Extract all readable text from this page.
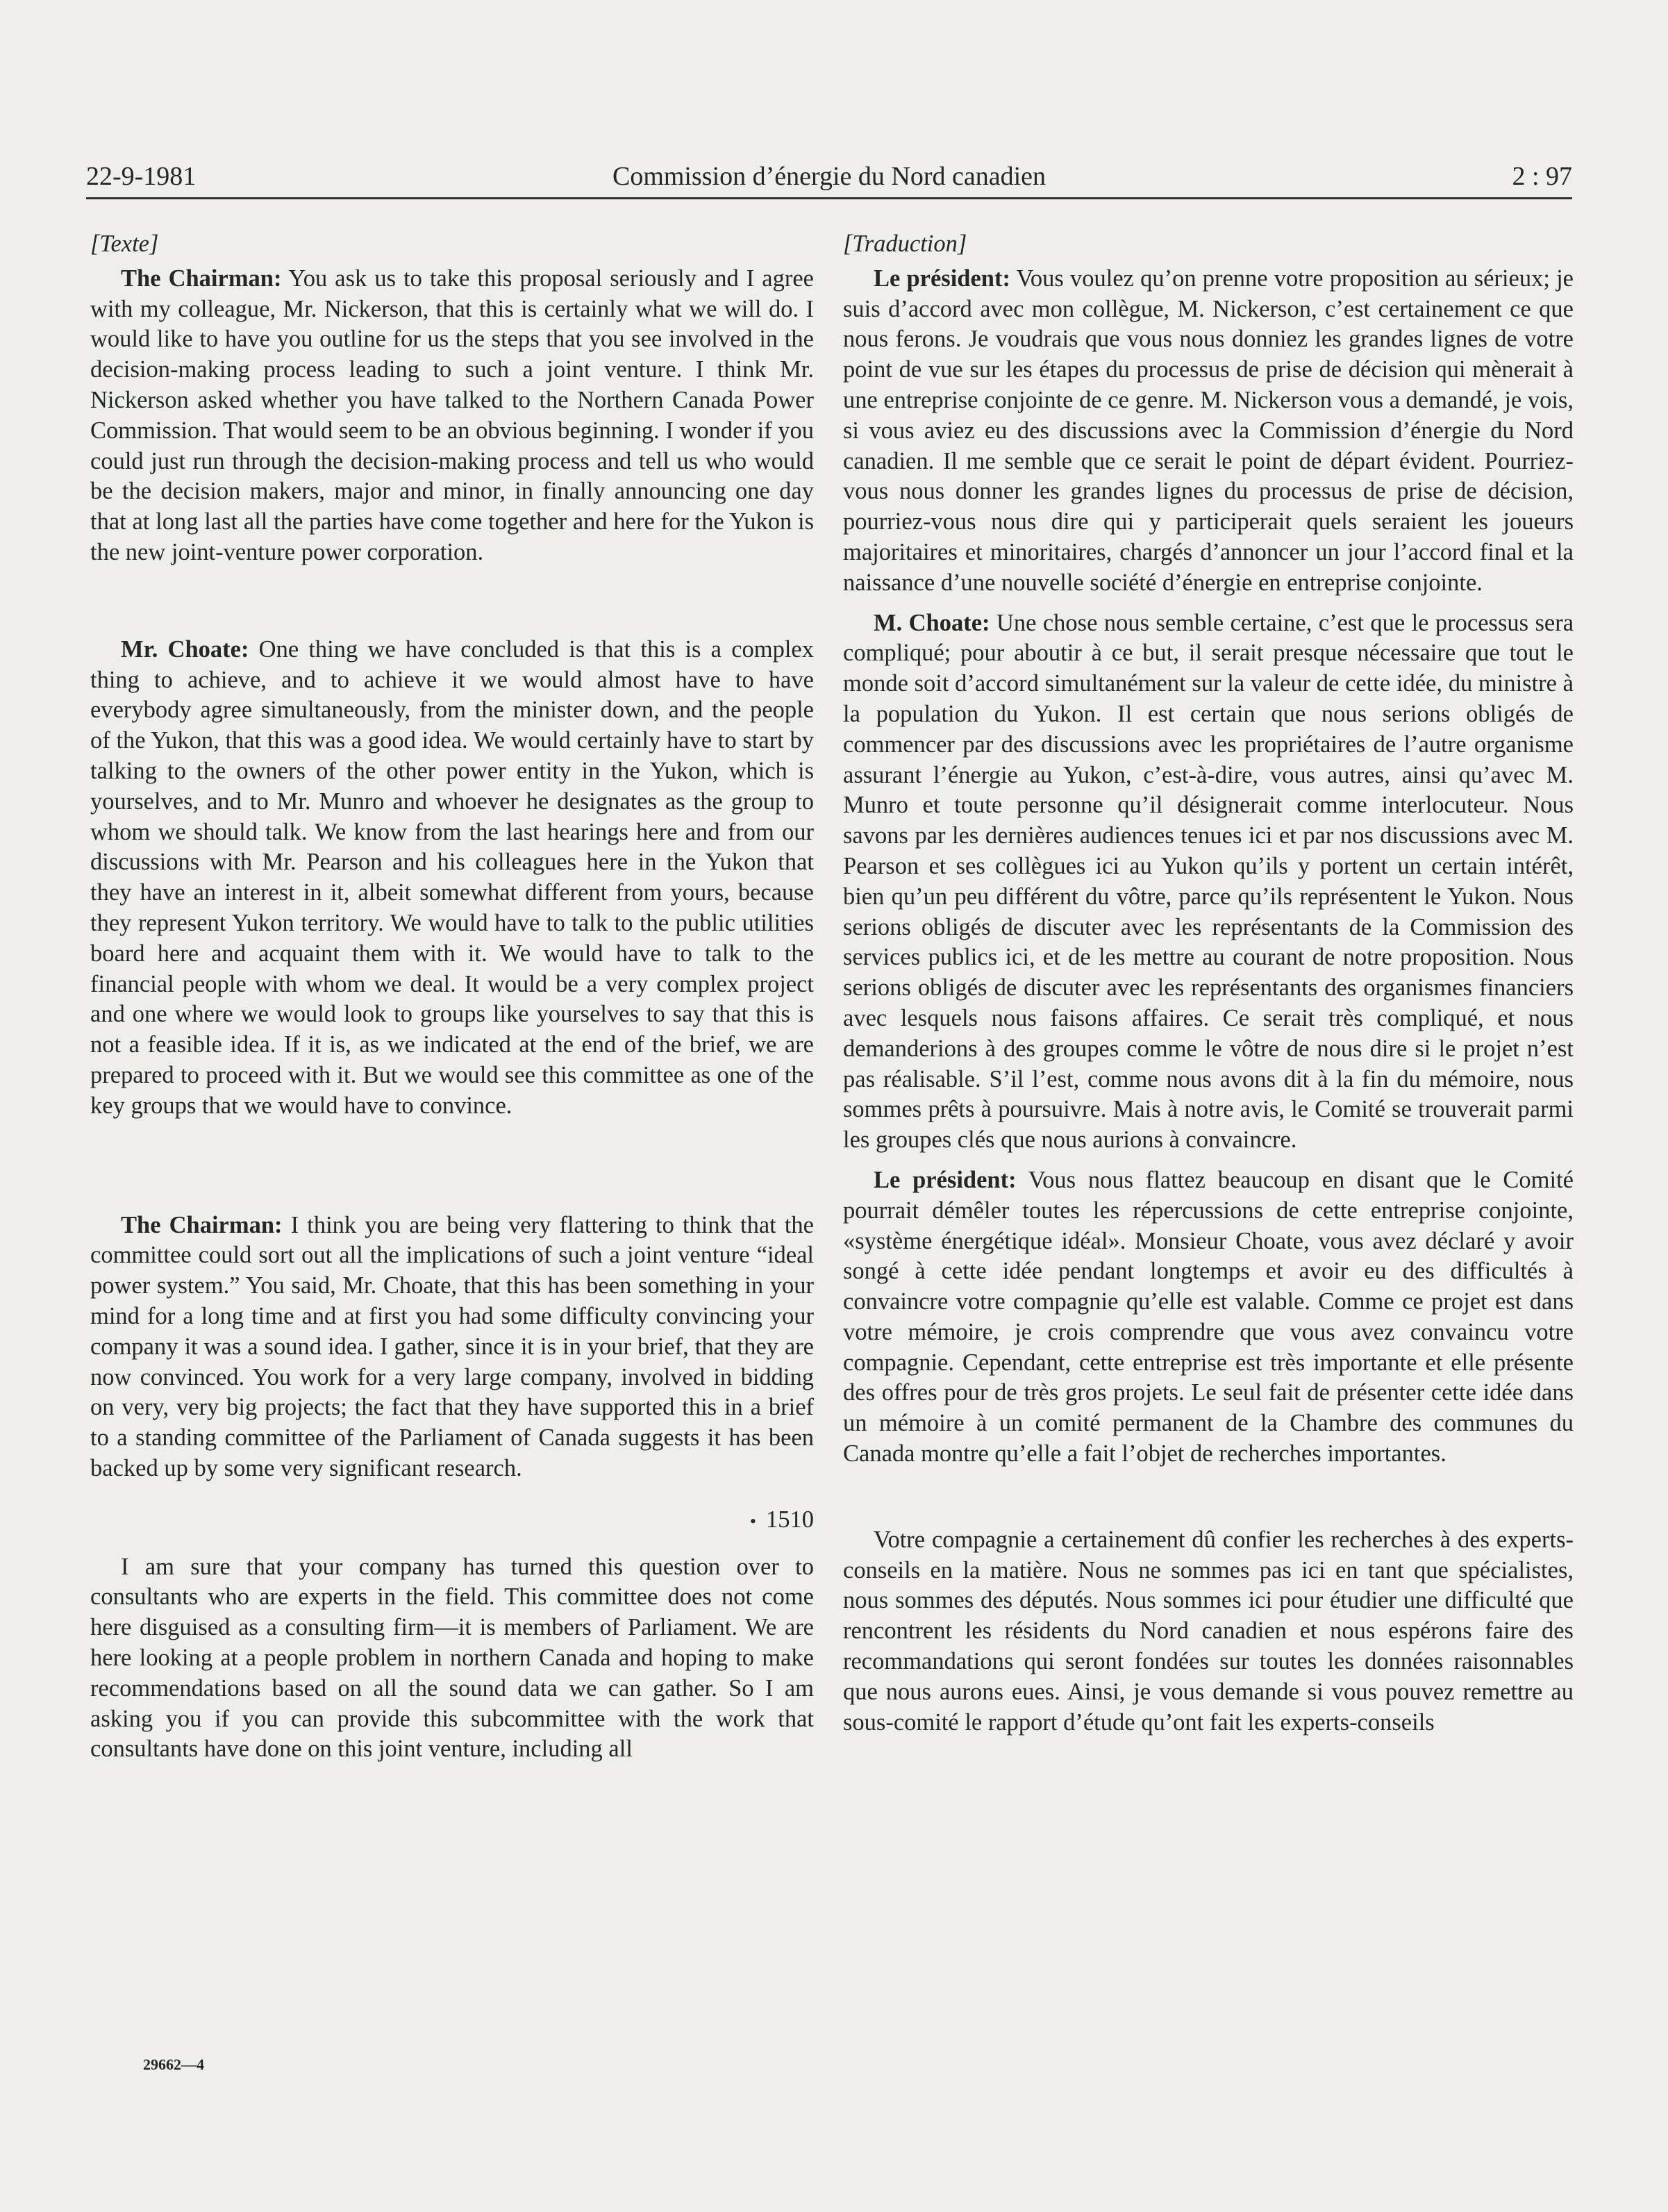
22-9-1981	Commission d’énergie du Nord canadien	2 : 97

[Texte]

The Chairman: You ask us to take this proposal seriously and I agree with my colleague, Mr. Nickerson, that this is certainly what we will do. I would like to have you outline for us the steps that you see involved in the decision-making process leading to such a joint venture. I think Mr. Nickerson asked whether you have talked to the Northern Canada Power Commission. That would seem to be an obvious beginning. I wonder if you could just run through the decision-making process and tell us who would be the decision makers, major and minor, in finally announcing one day that at long last all the parties have come together and here for the Yukon is the new joint-venture power corporation.

Mr. Choate: One thing we have concluded is that this is a complex thing to achieve, and to achieve it we would almost have to have everybody agree simultaneously, from the minister down, and the people of the Yukon, that this was a good idea. We would certainly have to start by talking to the owners of the other power entity in the Yukon, which is yourselves, and to Mr. Munro and whoever he designates as the group to whom we should talk. We know from the last hearings here and from our discussions with Mr. Pearson and his colleagues here in the Yukon that they have an interest in it, albeit somewhat different from yours, because they represent Yukon territory. We would have to talk to the public utilities board here and acquaint them with it. We would have to talk to the financial people with whom we deal. It would be a very complex project and one where we would look to groups like yourselves to say that this is not a feasible idea. If it is, as we indicated at the end of the brief, we are prepared to proceed with it. But we would see this committee as one of the key groups that we would have to convince.

The Chairman: I think you are being very flattering to think that the committee could sort out all the implications of such a joint venture “ideal power system.” You said, Mr. Choate, that this has been something in your mind for a long time and at first you had some difficulty convincing your company it was a sound idea. I gather, since it is in your brief, that they are now convinced. You work for a very large company, involved in bidding on very, very big projects; the fact that they have supported this in a brief to a standing committee of the Parliament of Canada suggests it has been backed up by some very significant research.

• 1510

I am sure that your company has turned this question over to consultants who are experts in the field. This committee does not come here disguised as a consulting firm—it is members of Parliament. We are here looking at a people problem in northern Canada and hoping to make recommendations based on all the sound data we can gather. So I am asking you if you can provide this subcommittee with the work that consultants have done on this joint venture, including all

[Traduction]

Le président: Vous voulez qu’on prenne votre proposition au sérieux; je suis d’accord avec mon collègue, M. Nickerson, c’est certainement ce que nous ferons. Je voudrais que vous nous donniez les grandes lignes de votre point de vue sur les étapes du processus de prise de décision qui mènerait à une entreprise conjointe de ce genre. M. Nickerson vous a demandé, je vois, si vous aviez eu des discussions avec la Commission d’énergie du Nord canadien. Il me semble que ce serait le point de départ évident. Pourriez-vous nous donner les grandes lignes du processus de prise de décision, pourriez-vous nous dire qui y participerait quels seraient les joueurs majoritaires et minoritaires, chargés d’annoncer un jour l’accord final et la naissance d’une nouvelle société d’énergie en entreprise conjointe.

M. Choate: Une chose nous semble certaine, c’est que le processus sera compliqué; pour aboutir à ce but, il serait presque nécessaire que tout le monde soit d’accord simultanément sur la valeur de cette idée, du ministre à la population du Yukon. Il est certain que nous serions obligés de commencer par des discussions avec les propriétaires de l’autre organisme assurant l’énergie au Yukon, c’est-à-dire, vous autres, ainsi qu’avec M. Munro et toute personne qu’il désignerait comme interlocuteur. Nous savons par les dernières audiences tenues ici et par nos discussions avec M. Pearson et ses collègues ici au Yukon qu’ils y portent un certain intérêt, bien qu’un peu différent du vôtre, parce qu’ils représentent le Yukon. Nous serions obligés de discuter avec les représentants de la Commission des services publics ici, et de les mettre au courant de notre proposition. Nous serions obligés de discuter avec les représentants des organismes financiers avec lesquels nous faisons affaires. Ce serait très compliqué, et nous demanderions à des groupes comme le vôtre de nous dire si le projet n’est pas réalisable. S’il l’est, comme nous avons dit à la fin du mémoire, nous sommes prêts à poursuivre. Mais à notre avis, le Comité se trouverait parmi les groupes clés que nous aurions à convaincre.

Le président: Vous nous flattez beaucoup en disant que le Comité pourrait démêler toutes les répercussions de cette entreprise conjointe, «système énergétique idéal». Monsieur Choate, vous avez déclaré y avoir songé à cette idée pendant longtemps et avoir eu des difficultés à convaincre votre compagnie qu’elle est valable. Comme ce projet est dans votre mémoire, je crois comprendre que vous avez convaincu votre compagnie. Cependant, cette entreprise est très importante et elle présente des offres pour de très gros projets. Le seul fait de présenter cette idée dans un mémoire à un comité permanent de la Chambre des communes du Canada montre qu’elle a fait l’objet de recherches importantes.

Votre compagnie a certainement dû confier les recherches à des experts-conseils en la matière. Nous ne sommes pas ici en tant que spécialistes, nous sommes des députés. Nous sommes ici pour étudier une difficulté que rencontrent les résidents du Nord canadien et nous espérons faire des recommandations qui seront fondées sur toutes les données raisonnables que nous aurons eues. Ainsi, je vous demande si vous pouvez remettre au sous-comité le rapport d’étude qu’ont fait les experts-conseils

29662—4
